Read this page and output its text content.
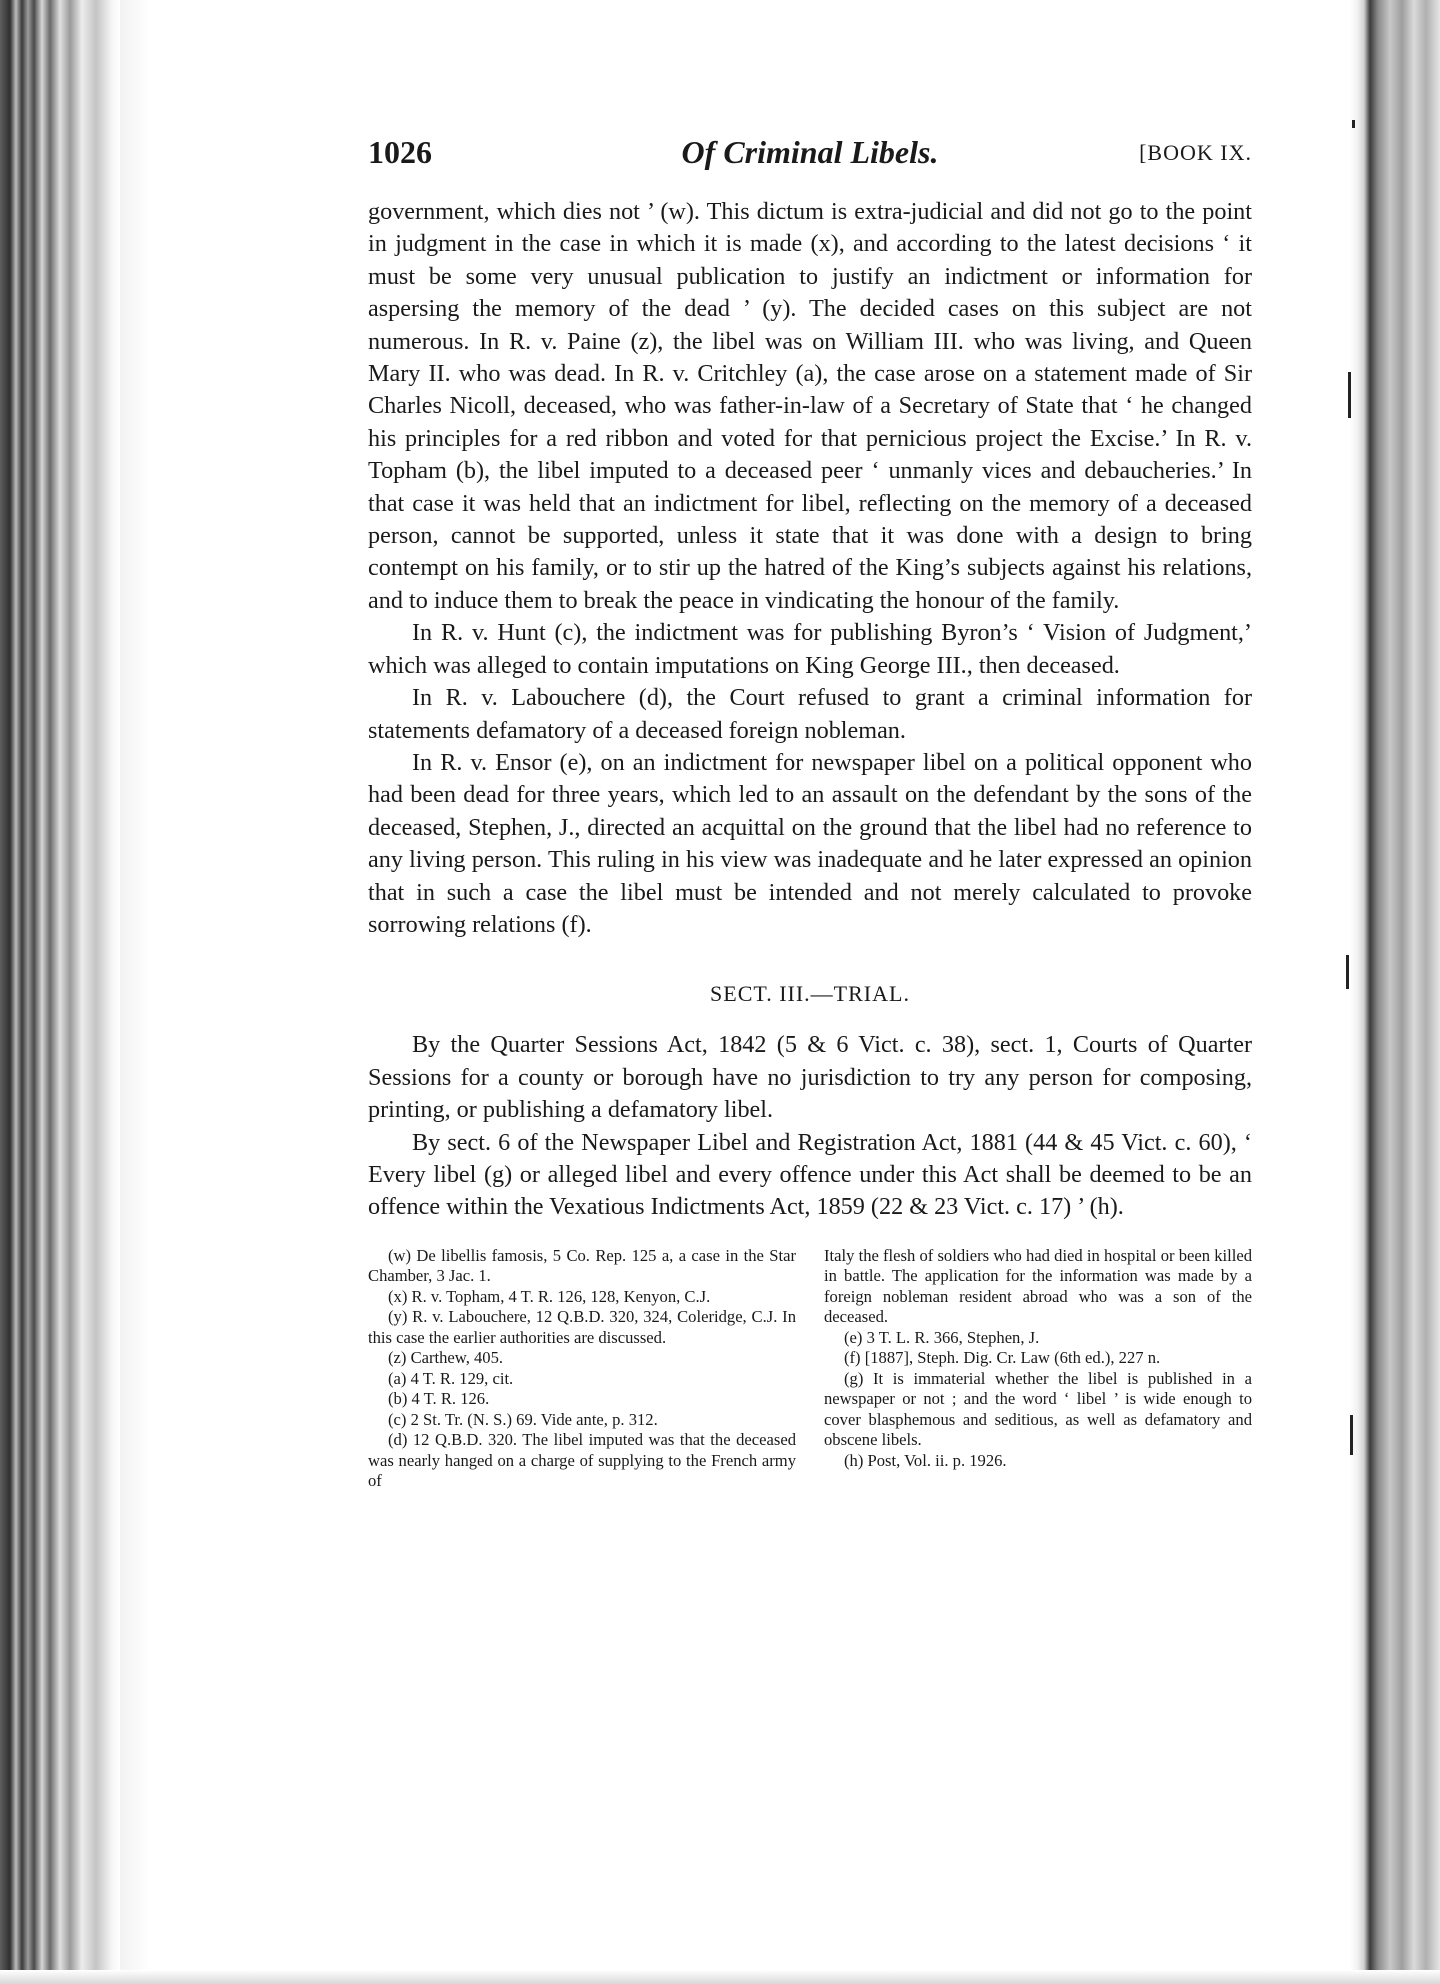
1026	Of Criminal Libels.	[BOOK IX.

government, which dies not ’ (w). This dictum is extra-judicial and did not go to the point in judgment in the case in which it is made (x), and according to the latest decisions ‘ it must be some very unusual publication to justify an indictment or information for aspersing the memory of the dead ’ (y). The decided cases on this subject are not numerous. In R. v. Paine (z), the libel was on William III. who was living, and Queen Mary II. who was dead. In R. v. Critchley (a), the case arose on a statement made of Sir Charles Nicoll, deceased, who was father-in-law of a Secretary of State that ‘ he changed his principles for a red ribbon and voted for that pernicious project the Excise.’ In R. v. Topham (b), the libel imputed to a deceased peer ‘ unmanly vices and debaucheries.’ In that case it was held that an indictment for libel, reflecting on the memory of a deceased person, cannot be supported, unless it state that it was done with a design to bring contempt on his family, or to stir up the hatred of the King’s subjects against his relations, and to induce them to break the peace in vindicating the honour of the family.

In R. v. Hunt (c), the indictment was for publishing Byron’s ‘ Vision of Judgment,’ which was alleged to contain imputations on King George III., then deceased.

In R. v. Labouchere (d), the Court refused to grant a criminal information for statements defamatory of a deceased foreign nobleman.

In R. v. Ensor (e), on an indictment for newspaper libel on a political opponent who had been dead for three years, which led to an assault on the defendant by the sons of the deceased, Stephen, J., directed an acquittal on the ground that the libel had no reference to any living person. This ruling in his view was inadequate and he later expressed an opinion that in such a case the libel must be intended and not merely calculated to provoke sorrowing relations (f).

SECT. III.—TRIAL.

By the Quarter Sessions Act, 1842 (5 & 6 Vict. c. 38), sect. 1, Courts of Quarter Sessions for a county or borough have no jurisdiction to try any person for composing, printing, or publishing a defamatory libel.

By sect. 6 of the Newspaper Libel and Registration Act, 1881 (44 & 45 Vict. c. 60), ‘ Every libel (g) or alleged libel and every offence under this Act shall be deemed to be an offence within the Vexatious Indictments Act, 1859 (22 & 23 Vict. c. 17) ’ (h).

(w) De libellis famosis, 5 Co. Rep. 125 a, a case in the Star Chamber, 3 Jac. 1.

(x) R. v. Topham, 4 T. R. 126, 128, Kenyon, C.J.

(y) R. v. Labouchere, 12 Q.B.D. 320, 324, Coleridge, C.J. In this case the earlier authorities are discussed.

(z) Carthew, 405.

(a) 4 T. R. 129, cit.

(b) 4 T. R. 126.

(c) 2 St. Tr. (N. S.) 69. Vide ante, p. 312.

(d) 12 Q.B.D. 320. The libel imputed was that the deceased was nearly hanged on a charge of supplying to the French army of

Italy the flesh of soldiers who had died in hospital or been killed in battle. The application for the information was made by a foreign nobleman resident abroad who was a son of the deceased.

(e) 3 T. L. R. 366, Stephen, J.

(f) [1887], Steph. Dig. Cr. Law (6th ed.), 227 n.

(g) It is immaterial whether the libel is published in a newspaper or not ; and the word ‘ libel ’ is wide enough to cover blasphemous and seditious, as well as defamatory and obscene libels.

(h) Post, Vol. ii. p. 1926.
